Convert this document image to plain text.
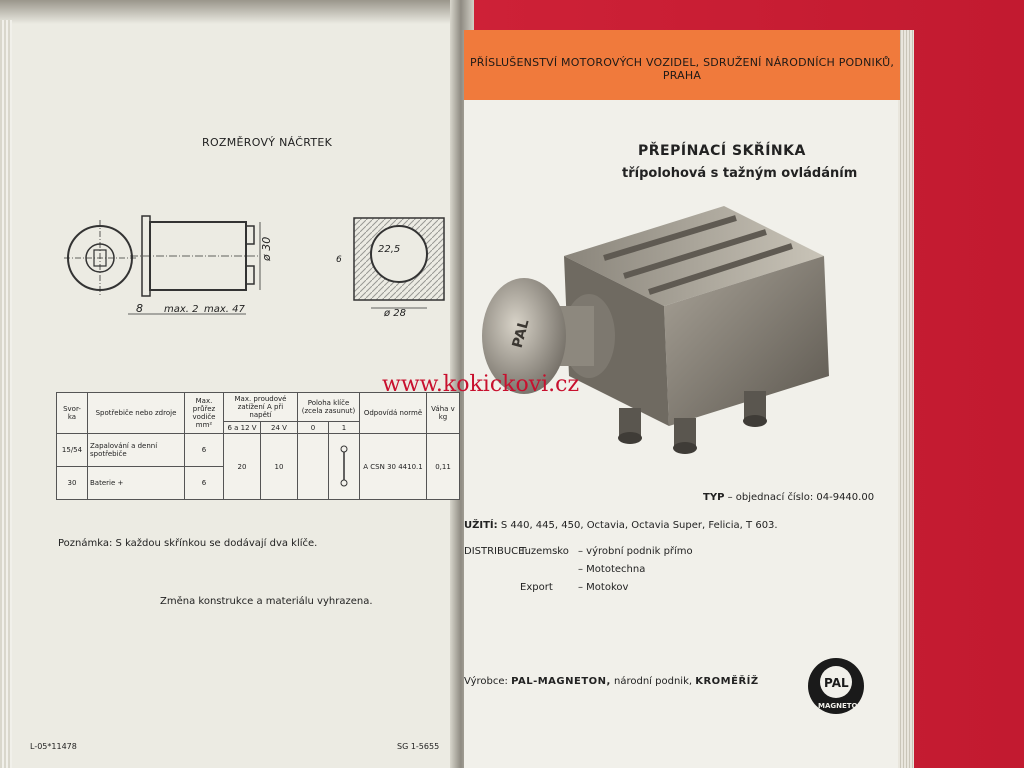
PŘÍSLUŠENSTVÍ MOTOROVÝCH VOZIDEL, SDRUŽENÍ NÁRODNÍCH PODNIKŮ, PRAHA
ROZMĚROVÝ NÁČRTEK
ø 30
8 max. 2 max. 47
22,5
6
ø 28
Svor-ka	Spotřebiče nebo zdroje	Max. průřez vodiče mm²	Max. proudové zatížení A při napětí		Poloha klíče (zcela zasunut)		Odpovídá normě	Váha v kg
			6 a 12 V	24 V	0	1		
15/54	Zapalování a denní spotřebiče	6	20	10			A CSN 30 4410.1	0,11
30	Baterie +	6						
Poznámka: S každou skřínkou se dodávají dva klíče.
Změna konstrukce a materiálu vyhrazena.
L-05*11478	SG 1-5655
PŘEPÍNACÍ SKŘÍNKA
třípolohová s tažným ovládáním
PAL
www.kokickovi.cz
TYP – objednací číslo: 04-9440.00
UŽITÍ: S 440, 445, 450, Octavia, Octavia Super, Felicia, T 603.
DISTRIBUCE:
Tuzemsko – výrobní podnik přímo
– Mototechna
Export	– Motokov
Výrobce: PAL-MAGNETON, národní podnik, KROMĚŘÍŽ	PAL
MAGNETON
